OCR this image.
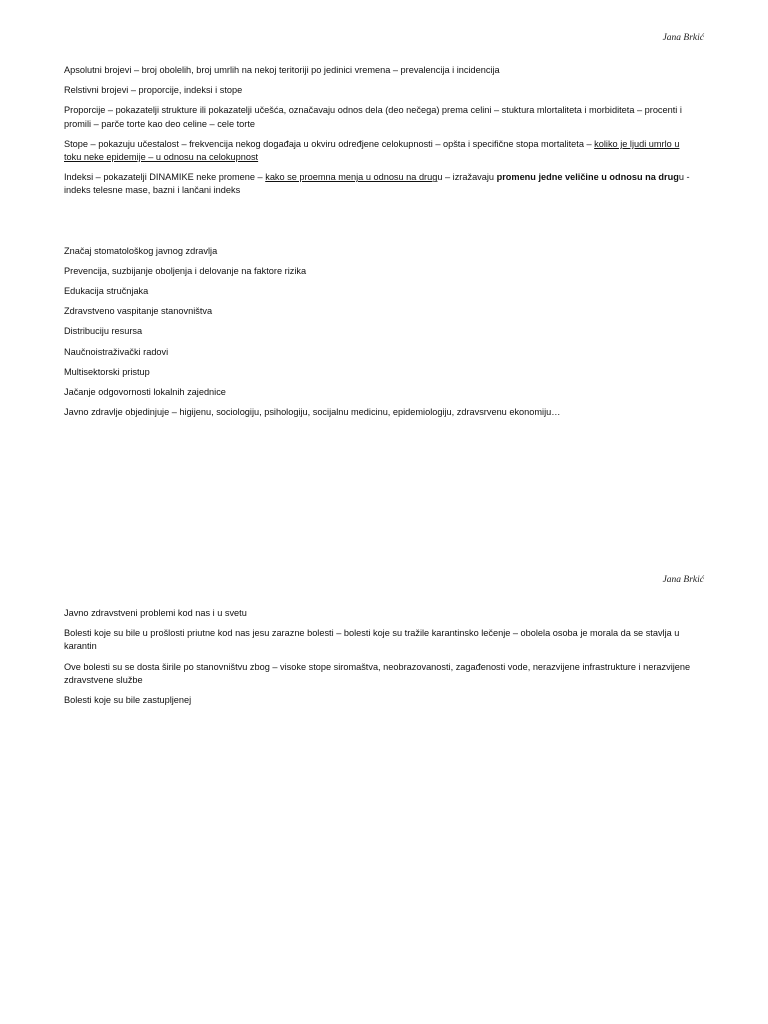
Jana Brkić

Apsolutni brojevi – broj obolelih, broj umrlih na nekoj teritoriji po jedinici vremena – prevalencija i incidencija

Relstivni brojevi – proporcije, indeksi i stope

Proporcije – pokazatelji strukture ili pokazatelji učešća, označavaju odnos dela (deo nečega) prema celini – stuktura mlortaliteta i morbiditeta – procenti i promili – parče torte kao deo celine – cele torte

Stope – pokazuju učestalost – frekvencija nekog događaja u okviru određjene celokupnosti – opšta i specifične stopa mortaliteta – koliko je ljudi umrlo u toku neke epidemije – u odnosu na celokupnost

Indeksi – pokazatelji DINAMIKE neke promene – kako se proemna menja u odnosu na drugu – izražavaju promenu jedne veličine u odnosu na drugu - indeks telesne mase, bazni i lančani indeks

Značaj stomatološkog javnog zdravlja

Prevencija, suzbijanje oboljenja i delovanje na faktore rizika

Edukacija stručnjaka

Zdravstveno vaspitanje stanovništva

Distribuciju resursa

Naučnoistraživački radovi

Multisektorski pristup

Jačanje odgovornosti lokalnih zajednice

Javno zdravlje objedinjuje – higijenu, sociologiju, psihologiju, socijalnu medicinu, epidemiologiju, zdravsrvenu ekonomiju…

Jana Brkić

Javno zdravstveni problemi kod nas i u svetu

Bolesti koje su bile u prošlosti priutne kod nas jesu zarazne bolesti – bolesti koje su tražile karantinsko lečenje – obolela osoba je morala da se stavlja u karantin

Ove bolesti su se dosta širile po stanovništvu zbog – visoke stope siromaštva, neobrazovanosti, zagađenosti vode, nerazvijene infrastrukture i nerazvijene zdravstvene službe

Bolesti koje su bile zastupljenej
